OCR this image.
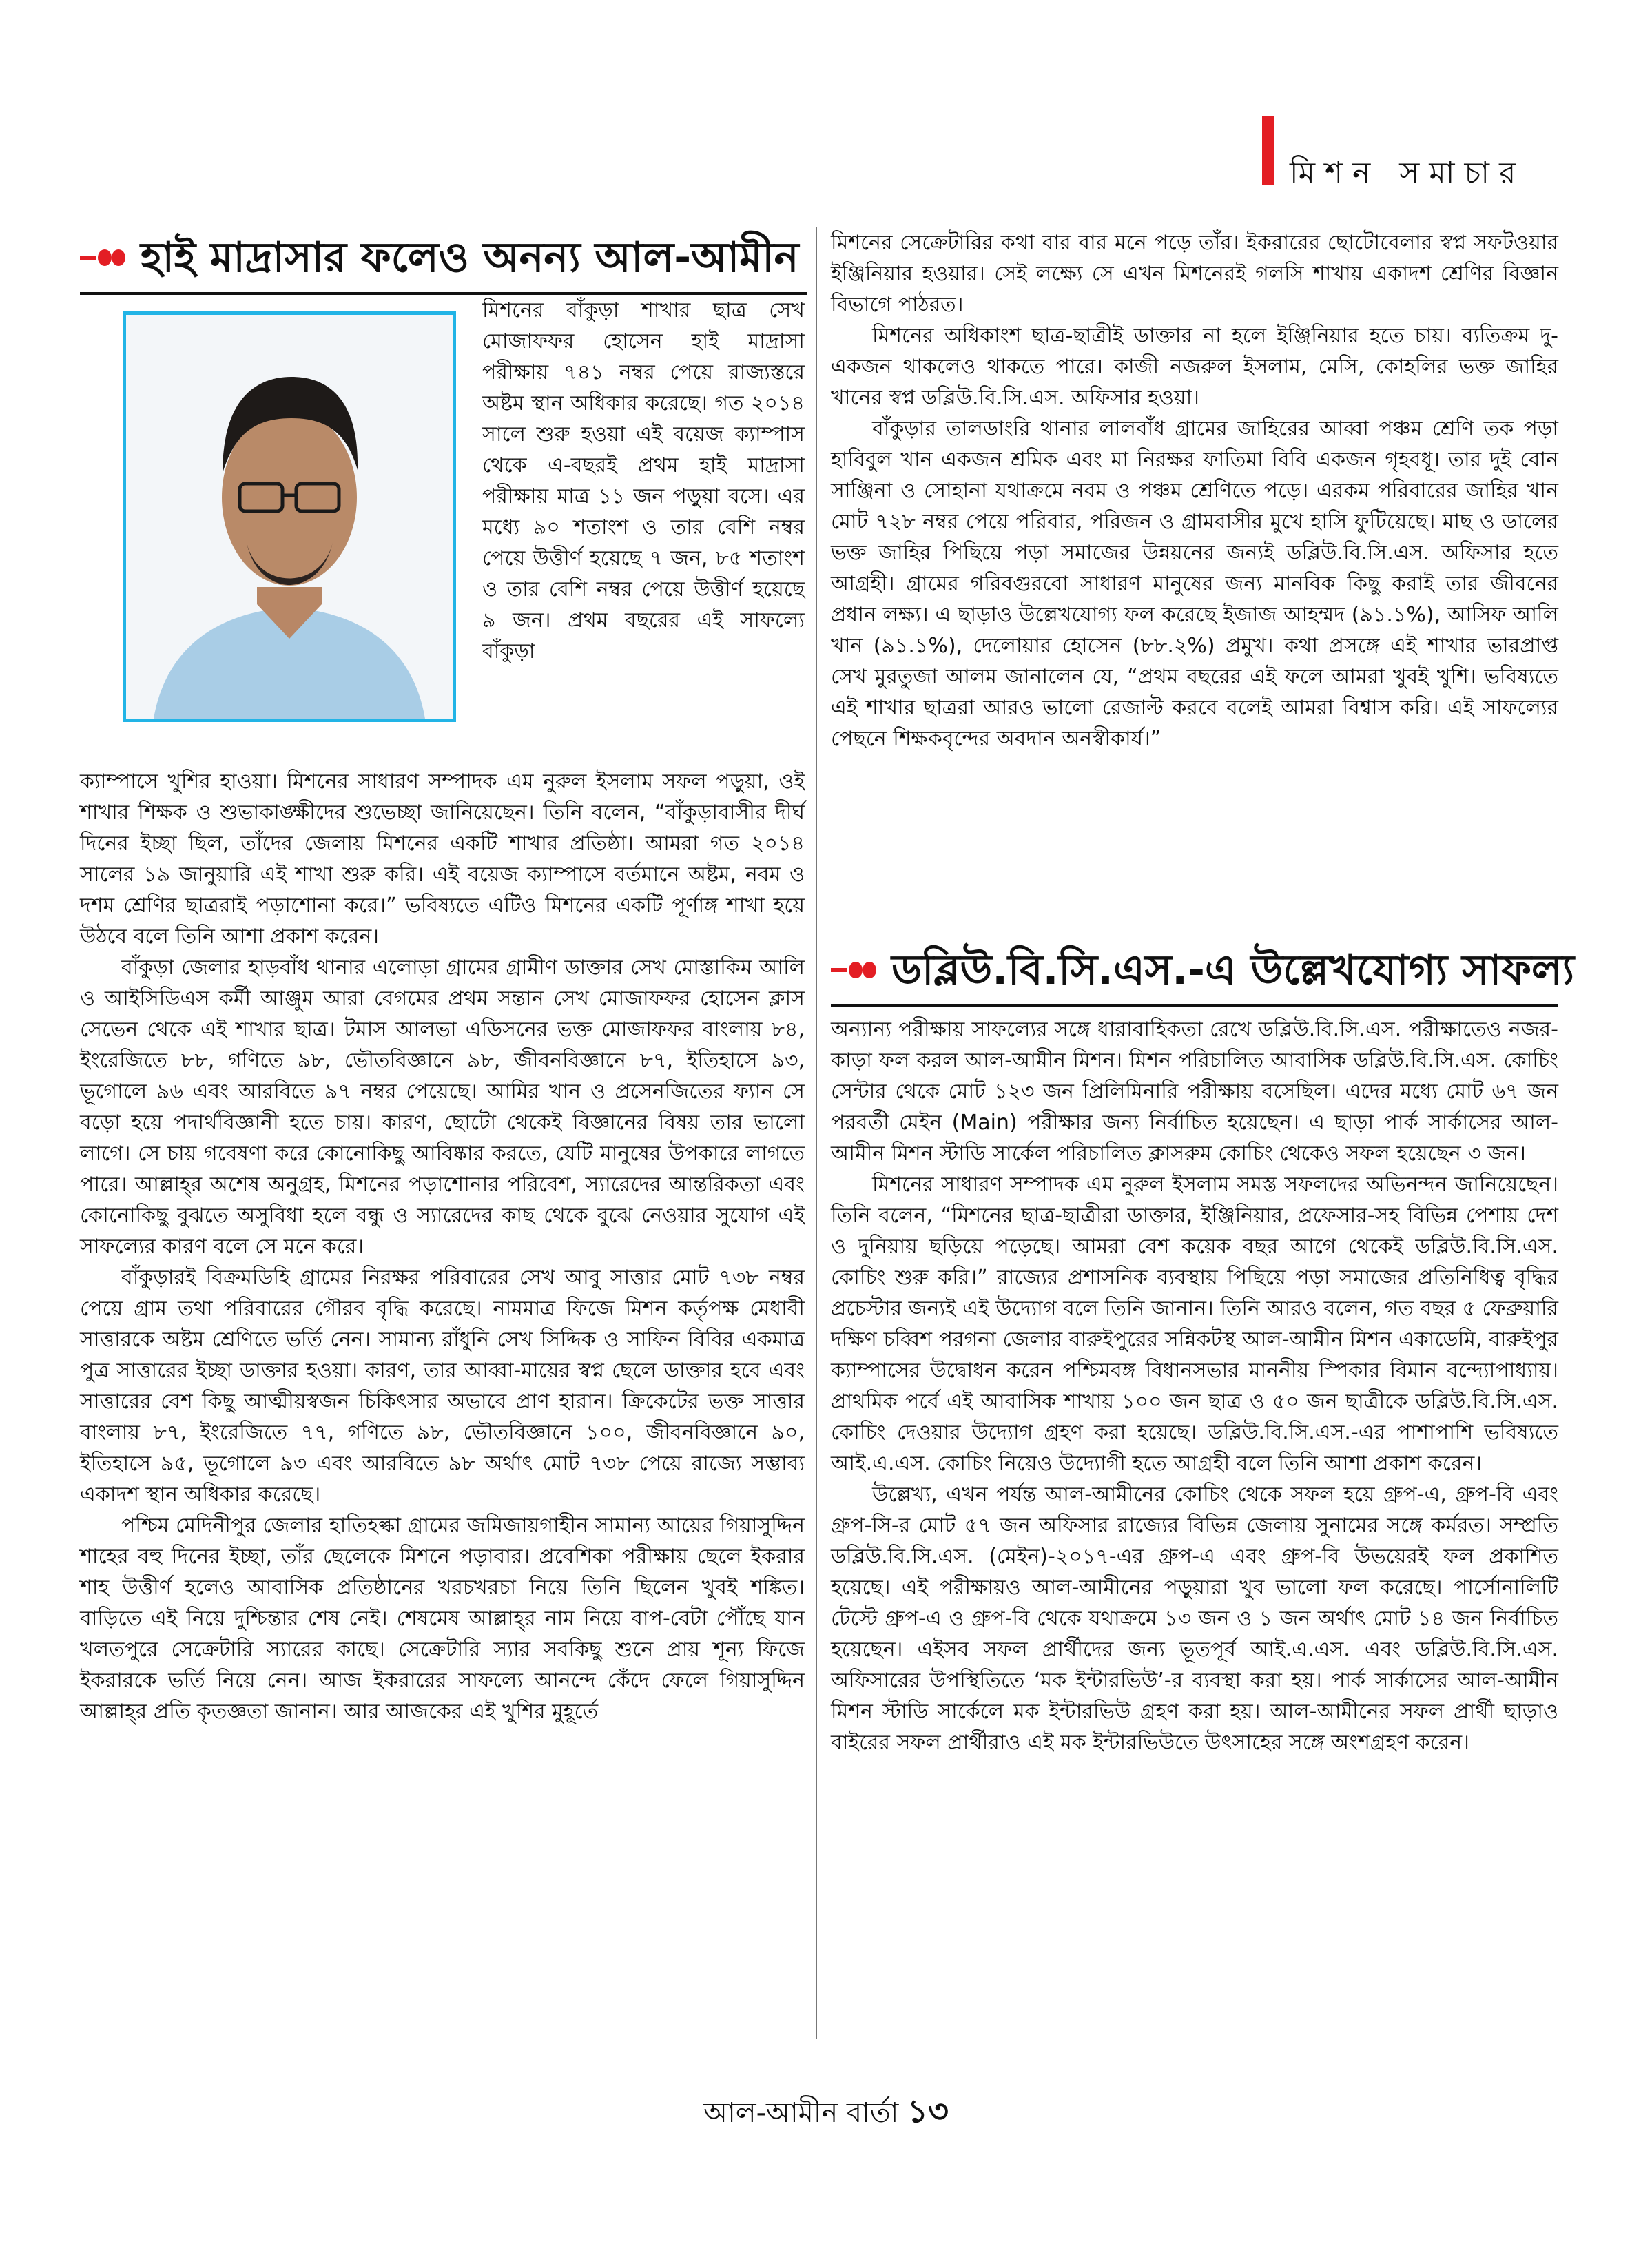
মিশন সমাচার
হাই মাদ্রাসার ফলেও অনন্য আল-আমীন

মিশনের বাঁকুড়া শাখার ছাত্র সেখ মোজাফফর হোসেন হাই মাদ্রাসা পরীক্ষায় ৭৪১ নম্বর পেয়ে রাজ্যস্তরে অষ্টম স্থান অধিকার করেছে। গত ২০১৪ সালে শুরু হওয়া এই বয়েজ ক্যাম্পাস থেকে এ-বছরই প্রথম হাই মাদ্রাসা পরীক্ষায় মাত্র ১১ জন পড়ুয়া বসে। এর মধ্যে ৯০ শতাংশ ও তার বেশি নম্বর পেয়ে উত্তীর্ণ হয়েছে ৭ জন, ৮৫ শতাংশ ও তার বেশি নম্বর পেয়ে উত্তীর্ণ হয়েছে ৯ জন। প্রথম বছরের এই সাফল্যে বাঁকুড়া

ক্যাম্পাসে খুশির হাওয়া। মিশনের সাধারণ সম্পাদক এম নুরুল ইসলাম সফল পড়ুয়া, ওই শাখার শিক্ষক ও শুভাকাঙ্ক্ষীদের শুভেচ্ছা জানিয়েছেন। তিনি বলেন, “বাঁকুড়াবাসীর দীর্ঘ দিনের ইচ্ছা ছিল, তাঁদের জেলায় মিশনের একটি শাখার প্রতিষ্ঠা। আমরা গত ২০১৪ সালের ১৯ জানুয়ারি এই শাখা শুরু করি। এই বয়েজ ক্যাম্পাসে বর্তমানে অষ্টম, নবম ও দশম শ্রেণির ছাত্ররাই পড়াশোনা করে।” ভবিষ্যতে এটিও মিশনের একটি পূর্ণাঙ্গ শাখা হয়ে উঠবে বলে তিনি আশা প্রকাশ করেন।

বাঁকুড়া জেলার হাড়বাঁধ থানার এলোড়া গ্রামের গ্রামীণ ডাক্তার সেখ মোস্তাকিম আলি ও আইসিডিএস কর্মী আঞ্জুম আরা বেগমের প্রথম সন্তান সেখ মোজাফফর হোসেন ক্লাস সেভেন থেকে এই শাখার ছাত্র। টমাস আলভা এডিসনের ভক্ত মোজাফফর বাংলায় ৮৪, ইংরেজিতে ৮৮, গণিতে ৯৮, ভৌতবিজ্ঞানে ৯৮, জীবনবিজ্ঞানে ৮৭, ইতিহাসে ৯৩, ভূগোলে ৯৬ এবং আরবিতে ৯৭ নম্বর পেয়েছে। আমির খান ও প্রসেনজিতের ফ্যান সে বড়ো হয়ে পদার্থবিজ্ঞানী হতে চায়। কারণ, ছোটো থেকেই বিজ্ঞানের বিষয় তার ভালো লাগে। সে চায় গবেষণা করে কোনোকিছু আবিষ্কার করতে, যেটি মানুষের উপকারে লাগতে পারে। আল্লাহ্‌র অশেষ অনুগ্রহ, মিশনের পড়াশোনার পরিবেশ, স্যারেদের আন্তরিকতা এবং কোনোকিছু বুঝতে অসুবিধা হলে বন্ধু ও স্যারেদের কাছ থেকে বুঝে নেওয়ার সুযোগ এই সাফল্যের কারণ বলে সে মনে করে।

বাঁকুড়ারই বিক্রমডিহি গ্রামের নিরক্ষর পরিবারের সেখ আবু সাত্তার মোট ৭৩৮ নম্বর পেয়ে গ্রাম তথা পরিবারের গৌরব বৃদ্ধি করেছে। নামমাত্র ফিজে মিশন কর্তৃপক্ষ মেধাবী সাত্তারকে অষ্টম শ্রেণিতে ভর্তি নেন। সামান্য রাঁধুনি সেখ সিদ্দিক ও সাফিন বিবির একমাত্র পুত্র সাত্তারের ইচ্ছা ডাক্তার হওয়া। কারণ, তার আব্বা-মায়ের স্বপ্ন ছেলে ডাক্তার হবে এবং সাত্তারের বেশ কিছু আত্মীয়স্বজন চিকিৎসার অভাবে প্রাণ হারান। ক্রিকেটের ভক্ত সাত্তার বাংলায় ৮৭, ইংরেজিতে ৭৭, গণিতে ৯৮, ভৌতবিজ্ঞানে ১০০, জীবনবিজ্ঞানে ৯০, ইতিহাসে ৯৫, ভূগোলে ৯৩ এবং আরবিতে ৯৮ অর্থাৎ মোট ৭৩৮ পেয়ে রাজ্যে সম্ভাব্য একাদশ স্থান অধিকার করেছে।

পশ্চিম মেদিনীপুর জেলার হাতিহল্কা গ্রামের জমিজায়গাহীন সামান্য আয়ের গিয়াসুদ্দিন শাহের বহু দিনের ইচ্ছা, তাঁর ছেলেকে মিশনে পড়াবার। প্রবেশিকা পরীক্ষায় ছেলে ইকরার শাহ উত্তীর্ণ হলেও আবাসিক প্রতিষ্ঠানের খরচখরচা নিয়ে তিনি ছিলেন খুবই শঙ্কিত। বাড়িতে এই নিয়ে দুশ্চিন্তার শেষ নেই। শেষমেষ আল্লাহ্‌র নাম নিয়ে বাপ-বেটা পৌঁছে যান খলতপুরে সেক্রেটারি স্যারের কাছে। সেক্রেটারি স্যার সবকিছু শুনে প্রায় শূন্য ফিজে ইকরারকে ভর্তি নিয়ে নেন। আজ ইকরারের সাফল্যে আনন্দে কেঁদে ফেলে গিয়াসুদ্দিন আল্লাহ্‌র প্রতি কৃতজ্ঞতা জানান। আর আজকের এই খুশির মুহূর্তে

মিশনের সেক্রেটারির কথা বার বার মনে পড়ে তাঁর। ইকরারের ছোটোবেলার স্বপ্ন সফটওয়ার ইঞ্জিনিয়ার হওয়ার। সেই লক্ষ্যে সে এখন মিশনেরই গলসি শাখায় একাদশ শ্রেণির বিজ্ঞান বিভাগে পাঠরত।

মিশনের অধিকাংশ ছাত্র-ছাত্রীই ডাক্তার না হলে ইঞ্জিনিয়ার হতে চায়। ব্যতিক্রম দু-একজন থাকলেও থাকতে পারে। কাজী নজরুল ইসলাম, মেসি, কোহলির ভক্ত জাহির খানের স্বপ্ন ডব্লিউ.বি.সি.এস. অফিসার হওয়া।

বাঁকুড়ার তালডাংরি থানার লালবাঁধ গ্রামের জাহিরের আব্বা পঞ্চম শ্রেণি তক পড়া হাবিবুল খান একজন শ্রমিক এবং মা নিরক্ষর ফাতিমা বিবি একজন গৃহবধূ। তার দুই বোন সাঞ্জিনা ও সোহানা যথাক্রমে নবম ও পঞ্চম শ্রেণিতে পড়ে। এরকম পরিবারের জাহির খান মোট ৭২৮ নম্বর পেয়ে পরিবার, পরিজন ও গ্রামবাসীর মুখে হাসি ফুটিয়েছে। মাছ ও ডালের ভক্ত জাহির পিছিয়ে পড়া সমাজের উন্নয়নের জন্যই ডব্লিউ.বি.সি.এস. অফিসার হতে আগ্রহী। গ্রামের গরিবগুরবো সাধারণ মানুষের জন্য মানবিক কিছু করাই তার জীবনের প্রধান লক্ষ্য। এ ছাড়াও উল্লেখযোগ্য ফল করেছে ইজাজ আহম্মদ (৯১.১%), আসিফ আলি খান (৯১.১%), দেলোয়ার হোসেন (৮৮.২%) প্রমুখ। কথা প্রসঙ্গে এই শাখার ভারপ্রাপ্ত সেখ মুরতুজা আলম জানালেন যে, “প্রথম বছরের এই ফলে আমরা খুবই খুশি। ভবিষ্যতে এই শাখার ছাত্ররা আরও ভালো রেজাল্ট করবে বলেই আমরা বিশ্বাস করি। এই সাফল্যের পেছনে শিক্ষকবৃন্দের অবদান অনস্বীকার্য।”

ডব্লিউ.বি.সি.এস.-এ উল্লেখযোগ্য সাফল্য

অন্যান্য পরীক্ষায় সাফল্যের সঙ্গে ধারাবাহিকতা রেখে ডব্লিউ.বি.সি.এস. পরীক্ষাতেও নজর-কাড়া ফল করল আল-আমীন মিশন। মিশন পরিচালিত আবাসিক ডব্লিউ.বি.সি.এস. কোচিং সেন্টার থেকে মোট ১২৩ জন প্রিলিমিনারি পরীক্ষায় বসেছিল। এদের মধ্যে মোট ৬৭ জন পরবর্তী মেইন (Main) পরীক্ষার জন্য নির্বাচিত হয়েছেন। এ ছাড়া পার্ক সার্কাসের আল-আমীন মিশন স্টাডি সার্কেল পরিচালিত ক্লাসরুম কোচিং থেকেও সফল হয়েছেন ৩ জন।

মিশনের সাধারণ সম্পাদক এম নুরুল ইসলাম সমস্ত সফলদের অভিনন্দন জানিয়েছেন। তিনি বলেন, “মিশনের ছাত্র-ছাত্রীরা ডাক্তার, ইঞ্জিনিয়ার, প্রফেসার-সহ বিভিন্ন পেশায় দেশ ও দুনিয়ায় ছড়িয়ে পড়েছে। আমরা বেশ কয়েক বছর আগে থেকেই ডব্লিউ.বি.সি.এস. কোচিং শুরু করি।” রাজ্যের প্রশাসনিক ব্যবস্থায় পিছিয়ে পড়া সমাজের প্রতিনিধিত্ব বৃদ্ধির প্রচেস্টার জন্যই এই উদ্যোগ বলে তিনি জানান। তিনি আরও বলেন, গত বছর ৫ ফেব্রুয়ারি দক্ষিণ চব্বিশ পরগনা জেলার বারুইপুরের সন্নিকটস্থ আল-আমীন মিশন একাডেমি, বারুইপুর ক্যাম্পাসের উদ্বোধন করেন পশ্চিমবঙ্গ বিধানসভার মাননীয় স্পিকার বিমান বন্দ্যোপাধ্যায়। প্রাথমিক পর্বে এই আবাসিক শাখায় ১০০ জন ছাত্র ও ৫০ জন ছাত্রীকে ডব্লিউ.বি.সি.এস. কোচিং দেওয়ার উদ্যোগ গ্রহণ করা হয়েছে। ডব্লিউ.বি.সি.এস.-এর পাশাপাশি ভবিষ্যতে আই.এ.এস. কোচিং নিয়েও উদ্যোগী হতে আগ্রহী বলে তিনি আশা প্রকাশ করেন।

উল্লেখ্য, এখন পর্যন্ত আল-আমীনের কোচিং থেকে সফল হয়ে গ্রুপ-এ, গ্রুপ-বি এবং গ্রুপ-সি-র মোট ৫৭ জন অফিসার রাজ্যের বিভিন্ন জেলায় সুনামের সঙ্গে কর্মরত। সম্প্রতি ডব্লিউ.বি.সি.এস. (মেইন)-২০১৭-এর গ্রুপ-এ এবং গ্রুপ-বি উভয়েরই ফল প্রকাশিত হয়েছে। এই পরীক্ষায়ও আল-আমীনের পড়ুয়ারা খুব ভালো ফল করেছে। পার্সোনালিটি টেস্টে গ্রুপ-এ ও গ্রুপ-বি থেকে যথাক্রমে ১৩ জন ও ১ জন অর্থাৎ মোট ১৪ জন নির্বাচিত হয়েছেন। এইসব সফল প্রার্থীদের জন্য ভূতপূর্ব আই.এ.এস. এবং ডব্লিউ.বি.সি.এস. অফিসারের উপস্থিতিতে ‘মক ইন্টারভিউ’-র ব্যবস্থা করা হয়। পার্ক সার্কাসের আল-আমীন মিশন স্টাডি সার্কেলে মক ইন্টারভিউ গ্রহণ করা হয়। আল-আমীনের সফল প্রার্থী ছাড়াও বাইরের সফল প্রার্থীরাও এই মক ইন্টারভিউতে উৎসাহের সঙ্গে অংশগ্রহণ করেন।

আল-আমীন বার্তা ১৩
